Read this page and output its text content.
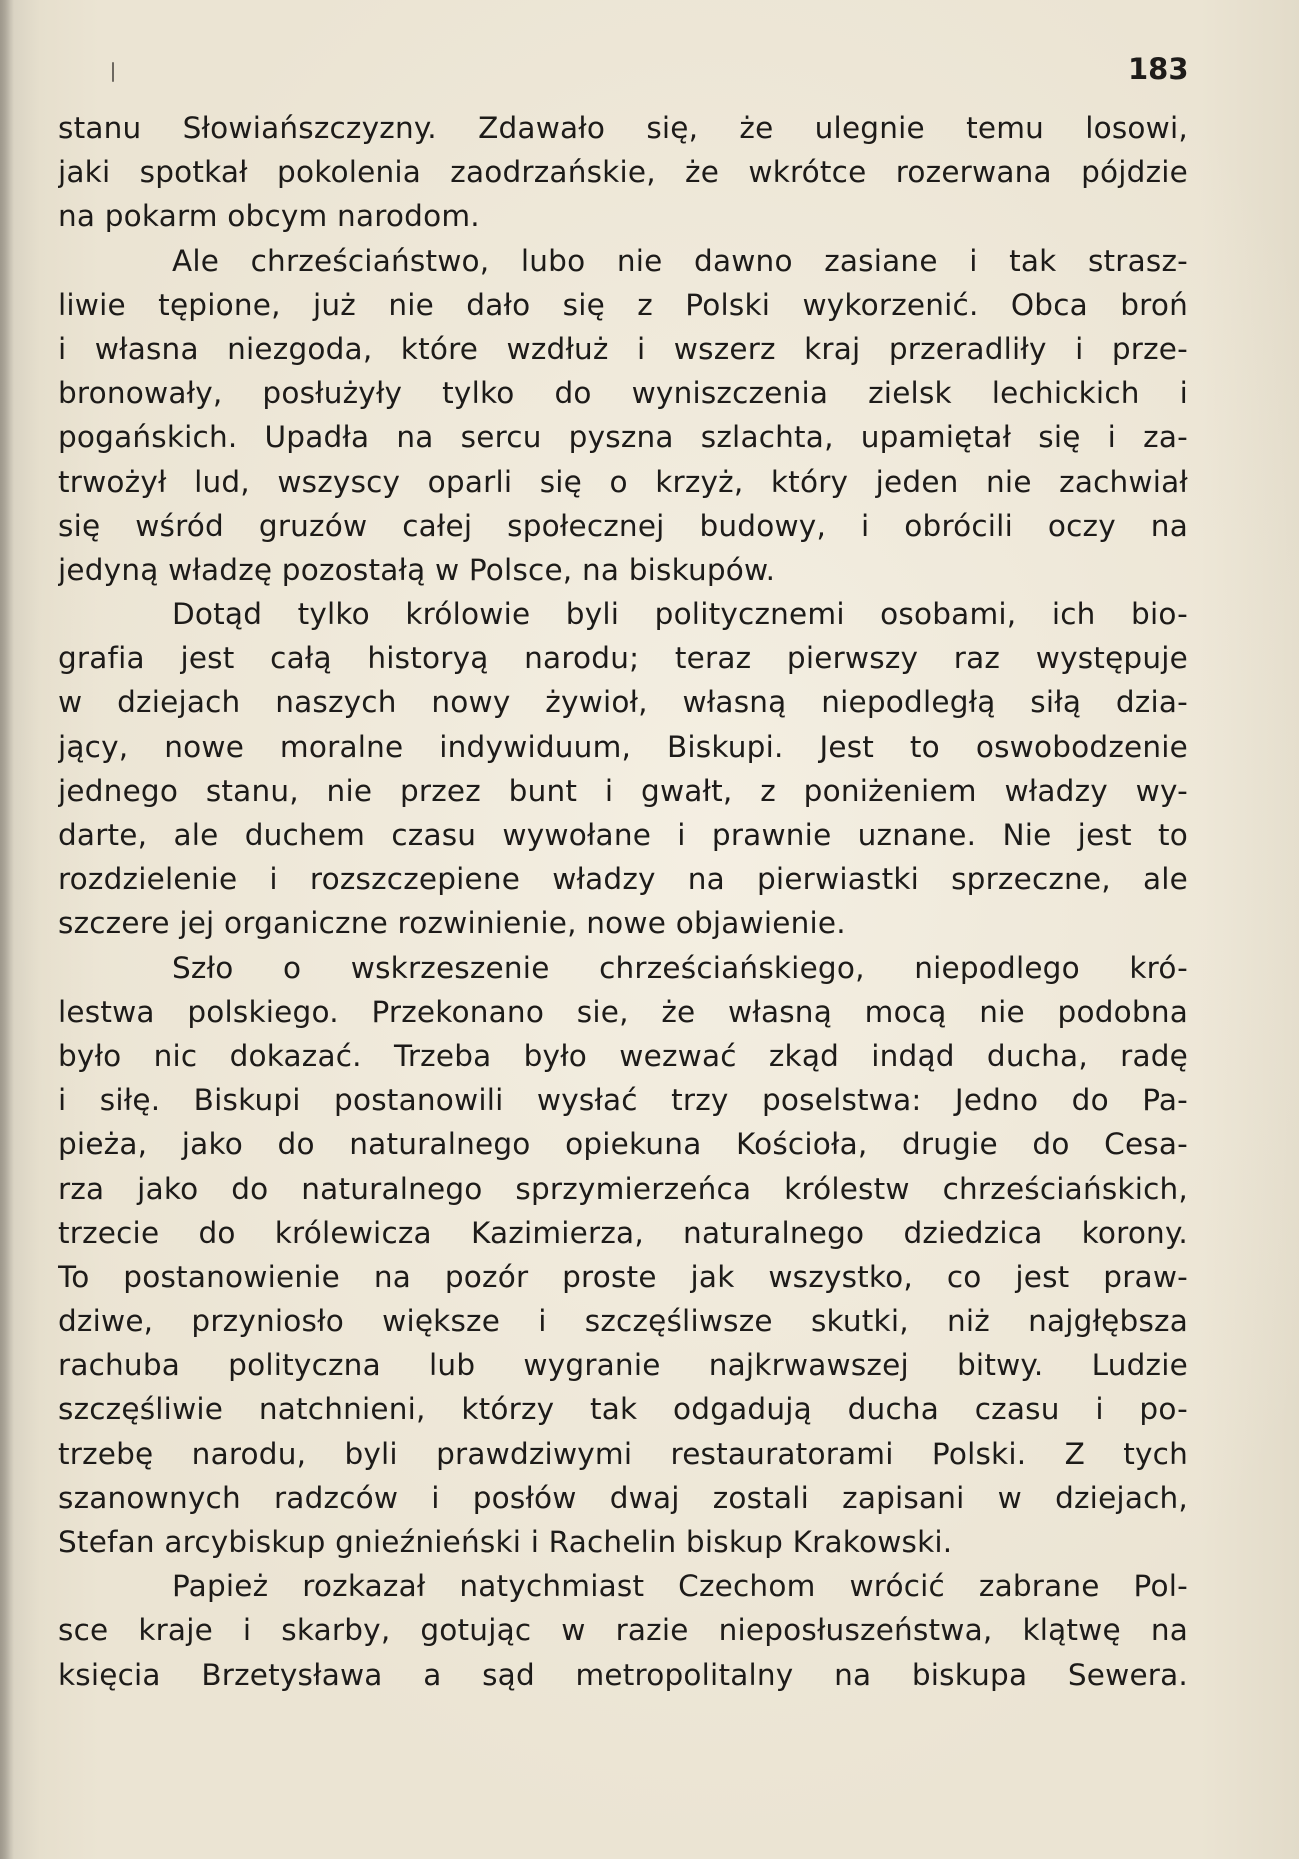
183
stanu Słowiańszczyzny. Zdawało się, że ulegnie temu losowi,
jaki spotkał pokolenia zaodrzańskie, że wkrótce rozerwana pójdzie
na pokarm obcym narodom.
Ale chrześciaństwo, lubo nie dawno zasiane i tak strasz-
liwie tępione, już nie dało się z Polski wykorzenić. Obca broń
i własna niezgoda, które wzdłuż i wszerz kraj przeradliły i prze-
bronowały, posłużyły tylko do wyniszczenia zielsk lechickich i
pogańskich. Upadła na sercu pyszna szlachta, upamiętał się i za-
trwożył lud, wszyscy oparli się o krzyż, który jeden nie zachwiał
się wśród gruzów całej społecznej budowy, i obrócili oczy na
jedyną władzę pozostałą w Polsce, na biskupów.
Dotąd tylko królowie byli politycznemi osobami, ich bio-
grafia jest całą historyą narodu; teraz pierwszy raz występuje
w dziejach naszych nowy żywioł, własną niepodległą siłą dzia-
jący, nowe moralne indywiduum, Biskupi. Jest to oswobodzenie
jednego stanu, nie przez bunt i gwałt, z poniżeniem władzy wy-
darte, ale duchem czasu wywołane i prawnie uznane. Nie jest to
rozdzielenie i rozszczepiene władzy na pierwiastki sprzeczne, ale
szczere jej organiczne rozwinienie, nowe objawienie.
Szło o wskrzeszenie chrześciańskiego, niepodlego kró-
lestwa polskiego. Przekonano sie, że własną mocą nie podobna
było nic dokazać. Trzeba było wezwać zkąd indąd ducha, radę
i siłę. Biskupi postanowili wysłać trzy poselstwa: Jedno do Pa-
pieża, jako do naturalnego opiekuna Kościoła, drugie do Cesa-
rza jako do naturalnego sprzymierzeńca królestw chrześciańskich,
trzecie do królewicza Kazimierza, naturalnego dziedzica korony.
To postanowienie na pozór proste jak wszystko, co jest praw-
dziwe, przyniosło większe i szczęśliwsze skutki, niż najgłębsza
rachuba polityczna lub wygranie najkrwawszej bitwy. Ludzie
szczęśliwie natchnieni, którzy tak odgadują ducha czasu i po-
trzebę narodu, byli prawdziwymi restauratorami Polski. Z tych
szanownych radzców i posłów dwaj zostali zapisani w dziejach,
Stefan arcybiskup gnieźnieński i Rachelin biskup Krakowski.
Papież rozkazał natychmiast Czechom wrócić zabrane Pol-
sce kraje i skarby, gotując w razie nieposłuszeństwa, klątwę na
księcia Brzetysława a sąd metropolitalny na biskupa Sewera.
